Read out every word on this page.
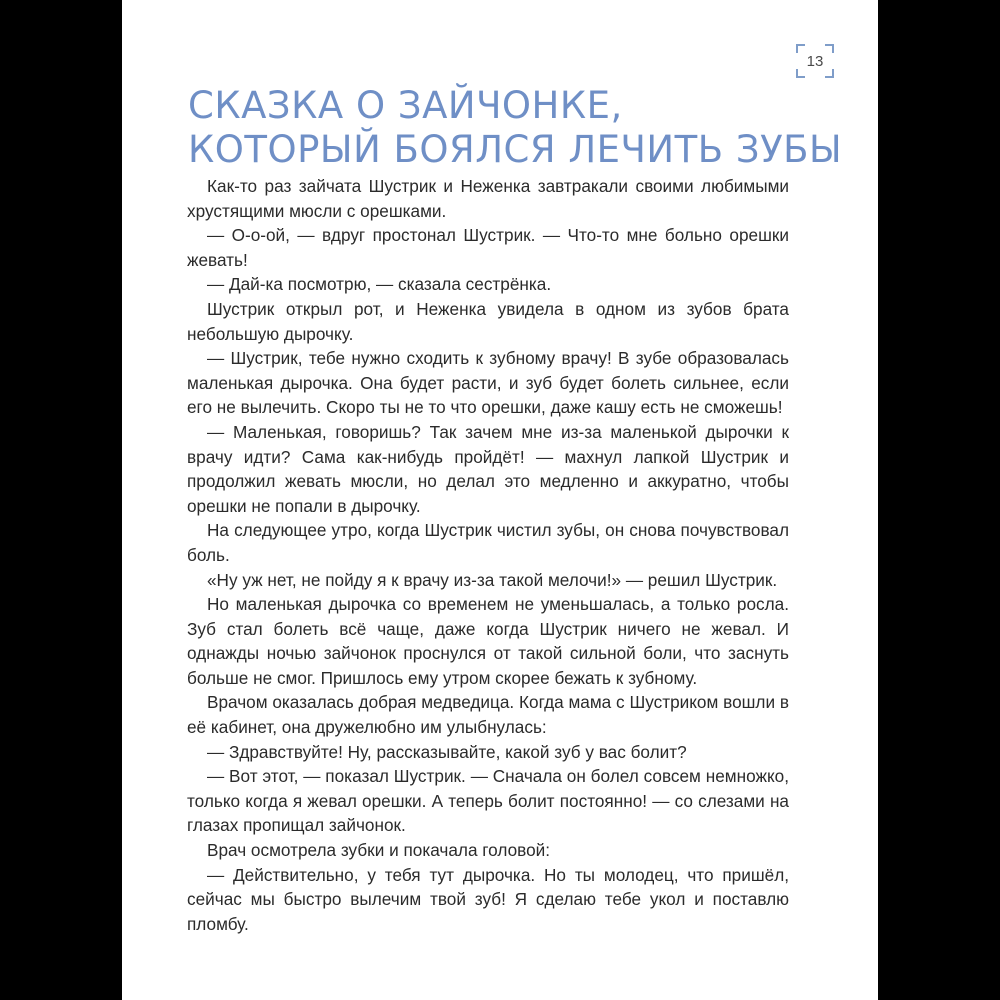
13
СКАЗКА О ЗАЙЧОНКЕ,
КОТОРЫЙ БОЯЛСЯ ЛЕЧИТЬ ЗУБЫ

Как-то раз зайчата Шустрик и Неженка завтракали своими любимыми хрустящими мюсли с орешками.

— О-о-ой, — вдруг простонал Шустрик. — Что-то мне больно орешки жевать!

— Дай-ка посмотрю, — сказала сестрёнка.

Шустрик открыл рот, и Неженка увидела в одном из зубов брата небольшую дырочку.

— Шустрик, тебе нужно сходить к зубному врачу! В зубе образовалась маленькая дырочка. Она будет расти, и зуб будет болеть сильнее, если его не вылечить. Скоро ты не то что орешки, даже кашу есть не сможешь!

— Маленькая, говоришь? Так зачем мне из-за маленькой дырочки к врачу идти? Сама как-нибудь пройдёт! — махнул лапкой Шустрик и продолжил жевать мюсли, но делал это медленно и аккуратно, чтобы орешки не попали в дырочку.

На следующее утро, когда Шустрик чистил зубы, он снова почувствовал боль.

«Ну уж нет, не пойду я к врачу из-за такой мелочи!» — решил Шустрик.

Но маленькая дырочка со временем не уменьшалась, а только росла. Зуб стал болеть всё чаще, даже когда Шустрик ничего не жевал. И однажды ночью зайчонок проснулся от такой сильной боли, что заснуть больше не смог. Пришлось ему утром скорее бежать к зубному.

Врачом оказалась добрая медведица. Когда мама с Шустриком вошли в её кабинет, она дружелюбно им улыбнулась:

— Здравствуйте! Ну, рассказывайте, какой зуб у вас болит?

— Вот этот, — показал Шустрик. — Сначала он болел совсем немножко, только когда я жевал орешки. А теперь болит постоянно! — со слезами на глазах пропищал зайчонок.

Врач осмотрела зубки и покачала головой:

— Действительно, у тебя тут дырочка. Но ты молодец, что пришёл, сейчас мы быстро вылечим твой зуб! Я сделаю тебе укол и поставлю пломбу.
